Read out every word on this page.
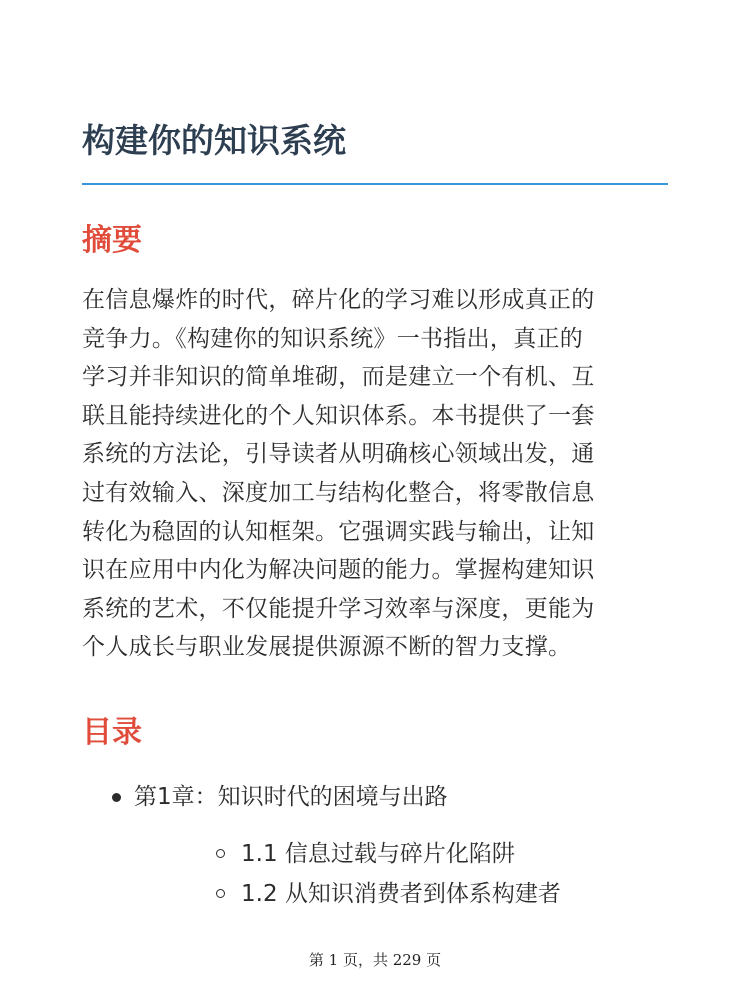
构建你的知识系统
摘要

在信息爆炸的时代，碎片化的学习难以形成真正的
竞争力。《构建你的知识系统》一书指出，真正的
学习并非知识的简单堆砌，而是建立一个有机、互
联且能持续进化的个人知识体系。本书提供了一套
系统的方法论，引导读者从明确核心领域出发，通
过有效输入、深度加工与结构化整合，将零散信息
转化为稳固的认知框架。它强调实践与输出，让知
识在应用中内化为解决问题的能力。掌握构建知识
系统的艺术，不仅能提升学习效率与深度，更能为
个人成长与职业发展提供源源不断的智力支撑。

目录
第1章：知识时代的困境与出路
1.1 信息过载与碎片化陷阱
1.2 从知识消费者到体系构建者
第 1 页，共 229 页
